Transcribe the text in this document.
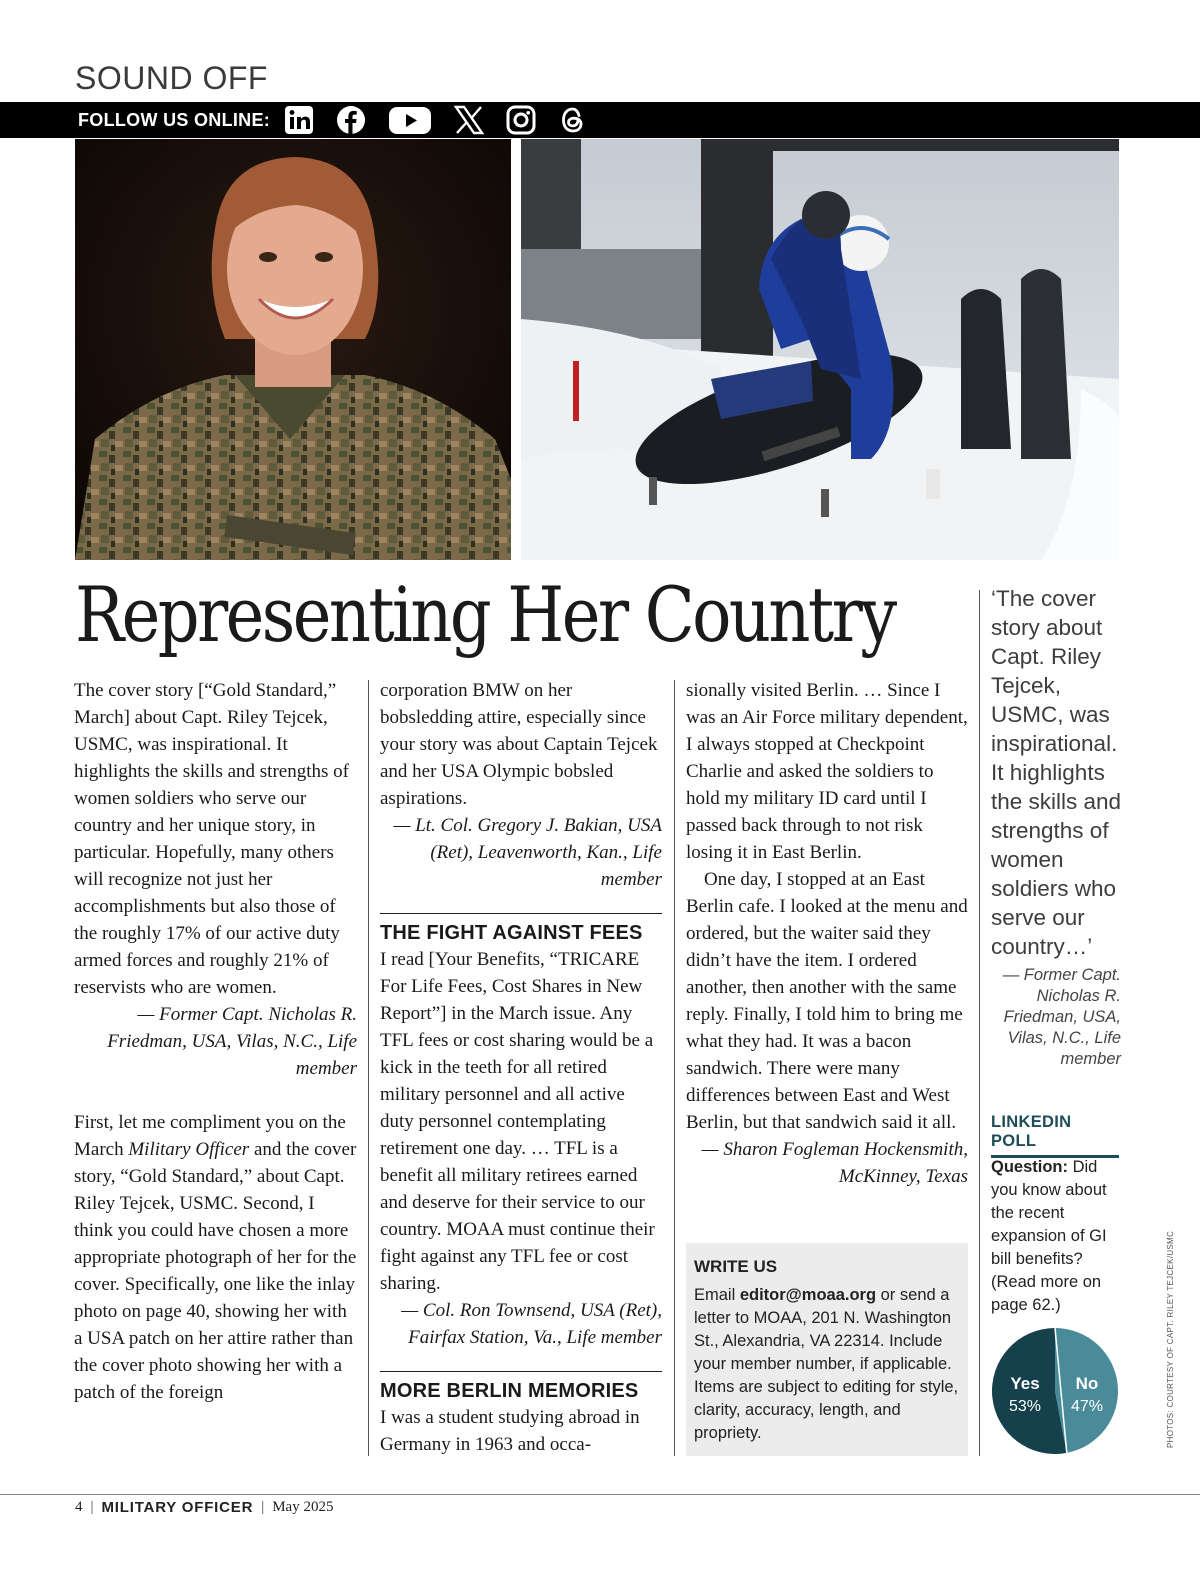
SOUND OFF
FOLLOW US ONLINE:
Representing Her Country

The cover story [“Gold Standard,” March] about Capt. Riley Tejcek, USMC, was inspirational. It highlights the skills and strengths of women soldiers who serve our country and her unique story, in particular. Hopefully, many others will recognize not just her accomplishments but also those of the roughly 17% of our active duty armed forces and roughly 21% of reservists who are women.

— Former Capt. Nicholas R. Friedman, USA, Vilas, N.C., Life member

First, let me compliment you on the March Military Officer and the cover story, “Gold Standard,” about Capt. Riley Tejcek, USMC. Second, I think you could have chosen a more appropriate photograph of her for the cover. Specifically, one like the inlay photo on page 40, showing her with a USA patch on her attire rather than the cover photo showing her with a patch of the foreign

corporation BMW on her bobsledding attire, especially since your story was about Captain Tejcek and her USA Olympic bobsled aspirations.

— Lt. Col. Gregory J. Bakian, USA (Ret), Leavenworth, Kan., Life member

THE FIGHT AGAINST FEES

I read [Your Benefits, “TRICARE For Life Fees, Cost Shares in New Report”] in the March issue. Any TFL fees or cost sharing would be a kick in the teeth for all retired military personnel and all active duty personnel contemplating retirement one day. … TFL is a benefit all military retirees earned and deserve for their service to our country. MOAA must continue their fight against any TFL fee or cost sharing.

— Col. Ron Townsend, USA (Ret), Fairfax Station, Va., Life member

MORE BERLIN MEMORIES

I was a student studying abroad in Germany in 1963 and occa-

sionally visited Berlin. … Since I was an Air Force military dependent, I always stopped at Checkpoint Charlie and asked the soldiers to hold my military ID card until I passed back through to not risk losing it in East Berlin.

One day, I stopped at an East Berlin cafe. I looked at the menu and ordered, but the waiter said they didn’t have the item. I ordered another, then another with the same reply. Finally, I told him to bring me what they had. It was a bacon sandwich. There were many differences between East and West Berlin, but that sandwich said it all.

— Sharon Fogleman Hockensmith, McKinney, Texas

WRITE US
Email editor@moaa.org or send a letter to MOAA, 201 N. Washington St., Alexandria, VA 22314. Include your member number, if applicable. Items are subject to editing for style, clarity, accuracy, length, and propriety.
‘The cover story about Capt. Riley Tejcek, USMC, was inspirational. It highlights the skills and strengths of women soldiers who serve our country…’
— Former Capt. Nicholas R. Friedman, USA, Vilas, N.C., Life member
LINKEDIN POLL
Question: Did you know about the recent expansion of GI bill benefits? (Read more on page 62.)
Yes
53%
No
47%	PHOTOS: COURTESY OF CAPT. RILEY TEJCEK/USMC
4 | MILITARY OFFICER | May 2025
